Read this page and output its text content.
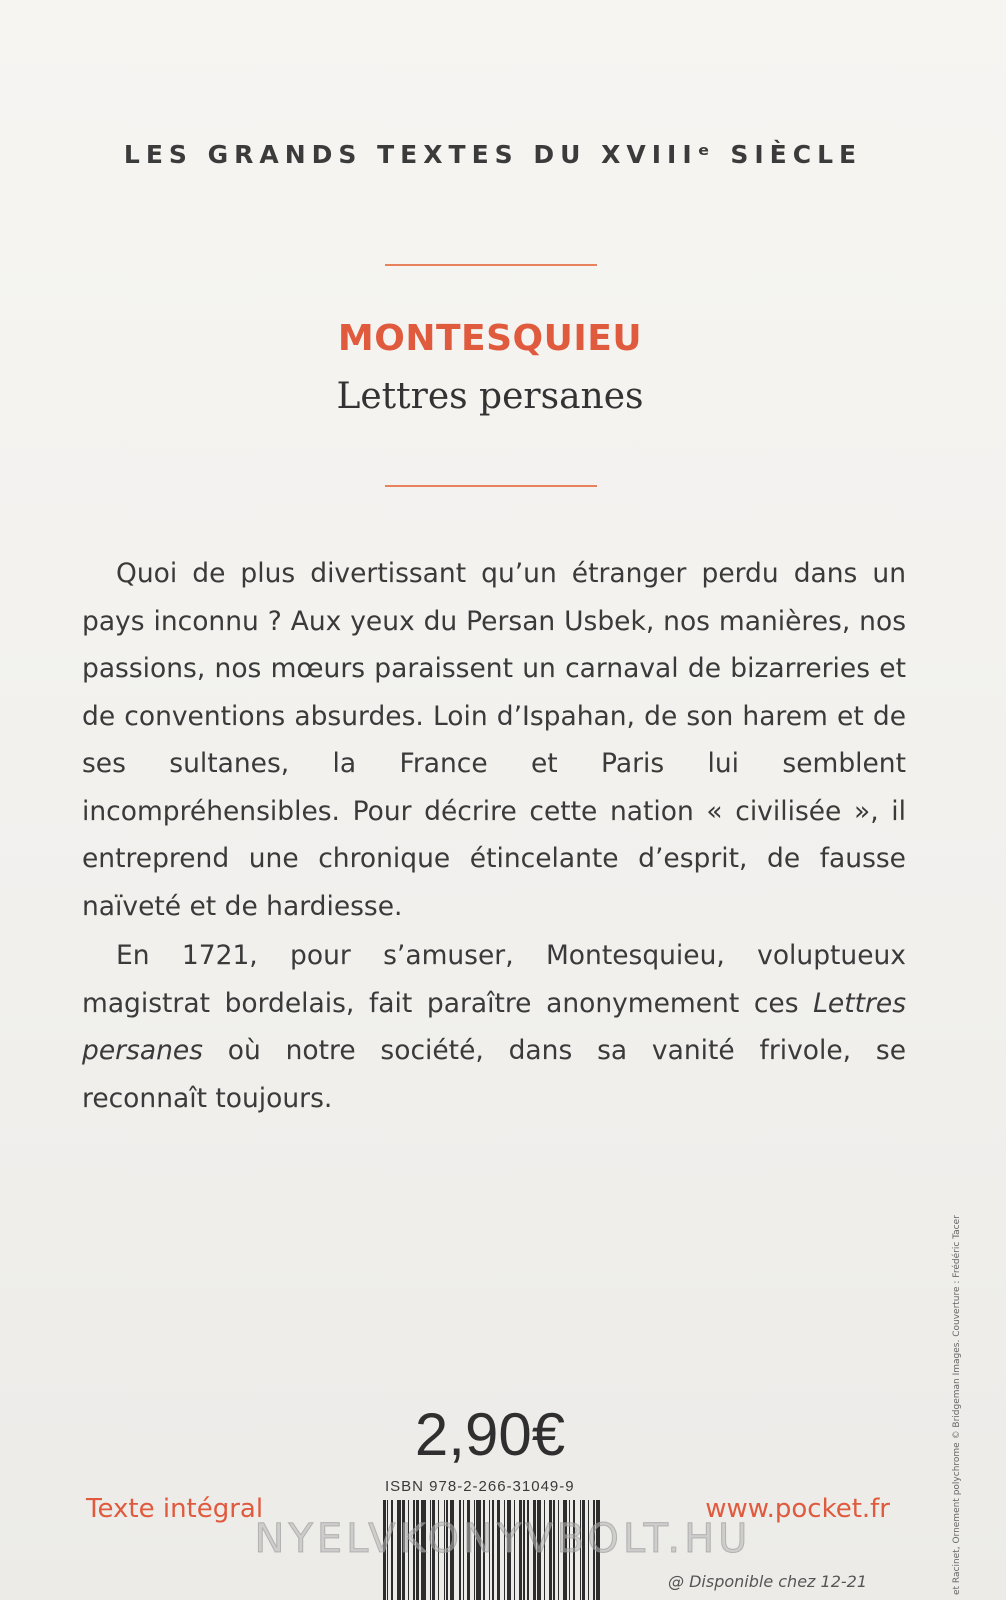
LES GRANDS TEXTES DU XVIIIᵉ SIÈCLE
MONTESQUIEU
Lettres persanes

Quoi de plus divertissant qu’un étranger perdu dans un pays inconnu ? Aux yeux du Persan Usbek, nos manières, nos passions, nos mœurs paraissent un carnaval de bizarreries et de conventions absurdes. Loin d’Ispahan, de son harem et de ses sultanes, la France et Paris lui semblent incompréhensibles. Pour décrire cette nation « civilisée », il entreprend une chronique étincelante d’esprit, de fausse naïveté et de hardiesse.

En 1721, pour s’amuser, Montesquieu, voluptueux magistrat bordelais, fait paraître anonymement ces Lettres persanes où notre société, dans sa vanité frivole, se reconnaît toujours.

2,90€
ISBN 978-2-266-31049-9
Texte intégral	www.pocket.fr
NYELVKONYVBOLT.HU
@ Disponible chez 12-21	et Racinet, Ornement polychrome © Bridgeman Images. Couverture : Frédéric Tacer
